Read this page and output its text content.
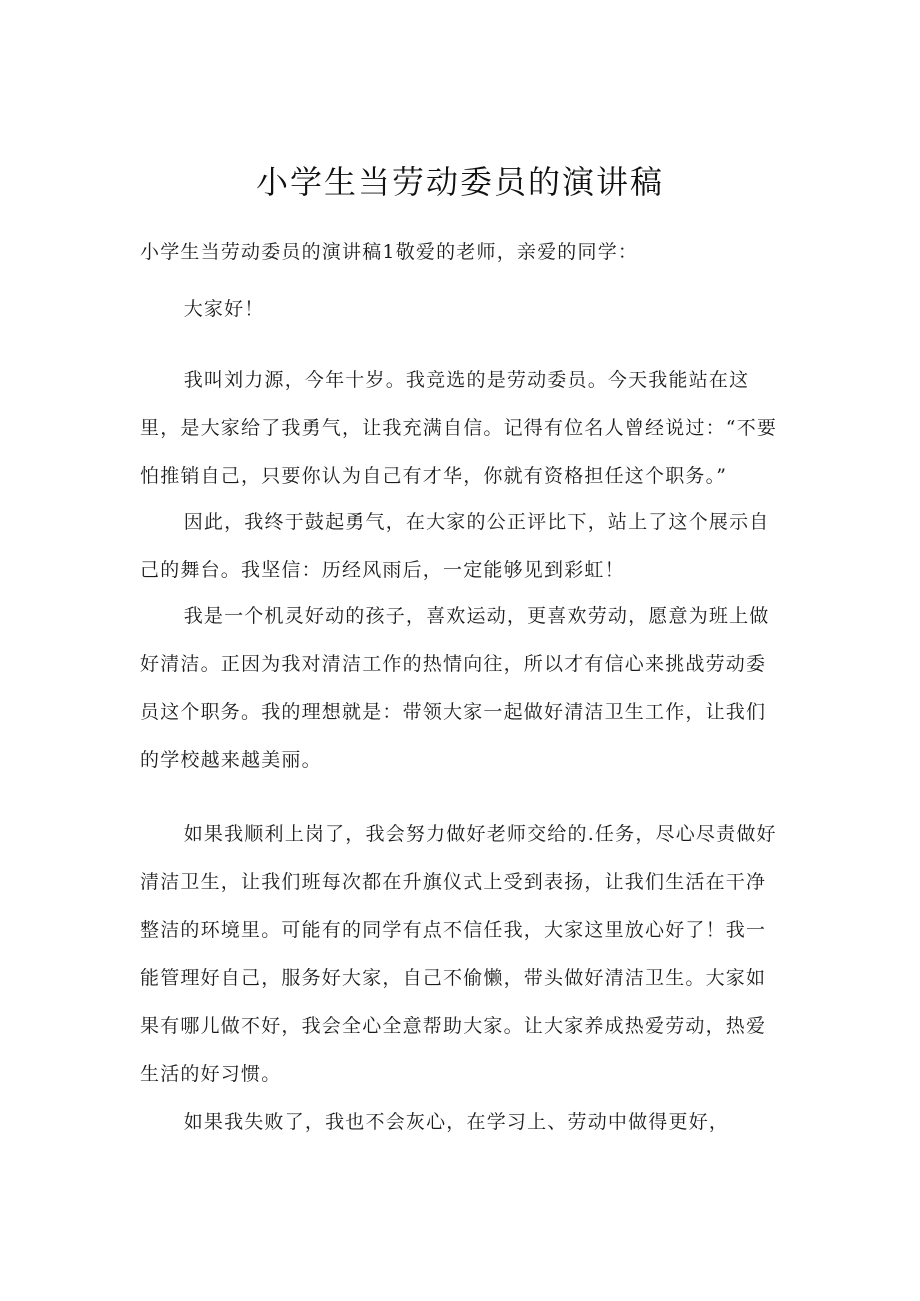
小学生当劳动委员的演讲稿

小学生当劳动委员的演讲稿1敬爱的老师，亲爱的同学：

大家好！

我叫刘力源，今年十岁。我竞选的是劳动委员。今天我能站在这里，是大家给了我勇气，让我充满自信。记得有位名人曾经说过：“不要怕推销自己，只要你认为自己有才华，你就有资格担任这个职务。”

因此，我终于鼓起勇气，在大家的公正评比下，站上了这个展示自己的舞台。我坚信：历经风雨后，一定能够见到彩虹！

我是一个机灵好动的孩子，喜欢运动，更喜欢劳动，愿意为班上做好清洁。正因为我对清洁工作的热情向往，所以才有信心来挑战劳动委员这个职务。我的理想就是：带领大家一起做好清洁卫生工作，让我们的学校越来越美丽。

如果我顺利上岗了，我会努力做好老师交给的.任务，尽心尽责做好清洁卫生，让我们班每次都在升旗仪式上受到表扬，让我们生活在干净整洁的环境里。可能有的同学有点不信任我，大家这里放心好了！我一能管理好自己，服务好大家，自己不偷懒，带头做好清洁卫生。大家如果有哪儿做不好，我会全心全意帮助大家。让大家养成热爱劳动，热爱生活的好习惯。

如果我失败了，我也不会灰心，在学习上、劳动中做得更好，
